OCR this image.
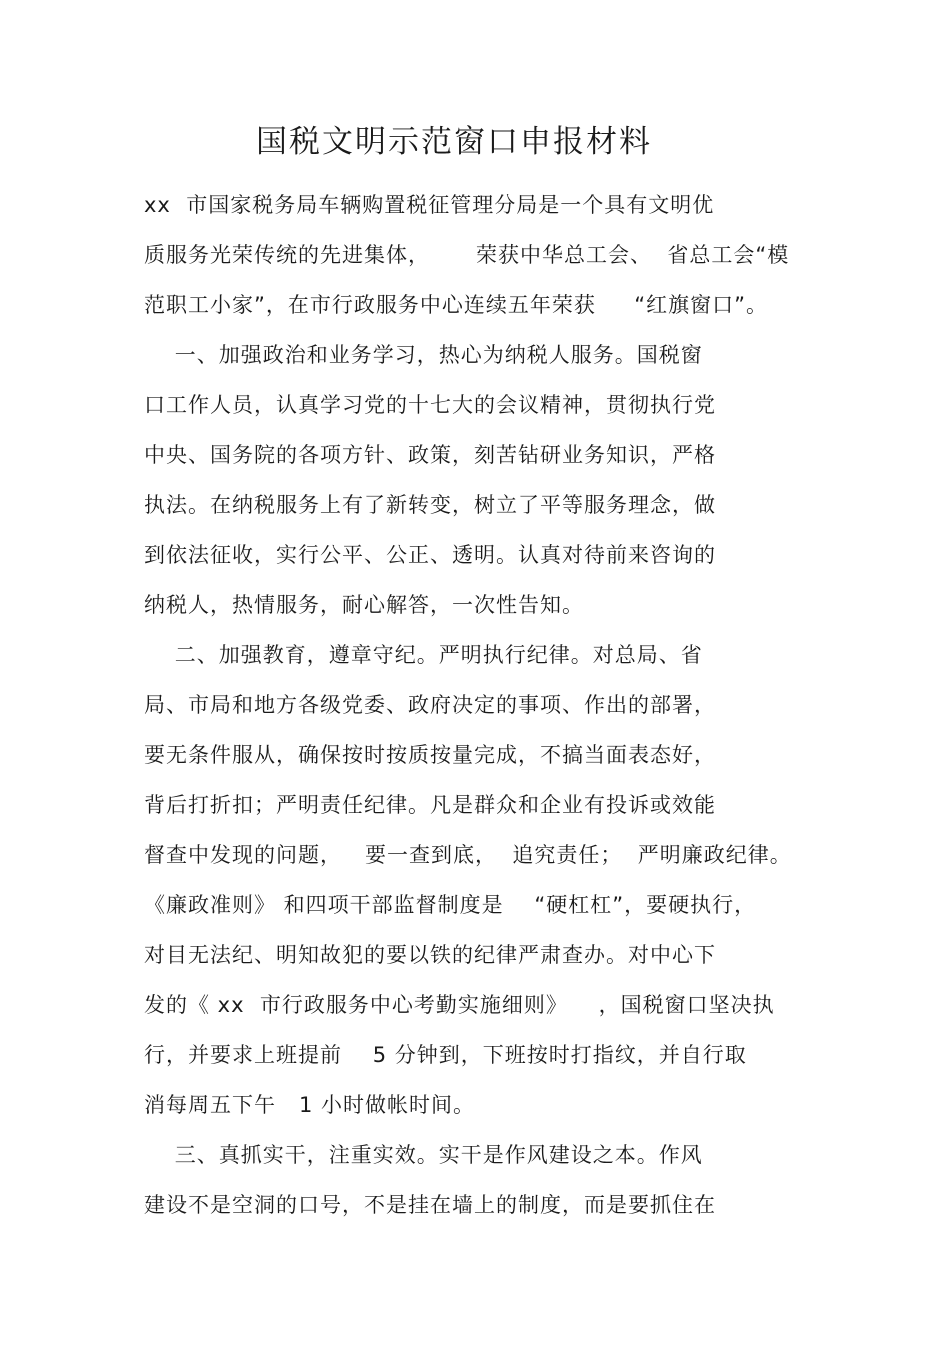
国税文明示范窗口申报材料
xx  市国家税务局车辆购置税征管理分局是一个具有文明优
质服务光荣传统的先进集体，      荣获中华总工会、  省总工会“模
范职工小家”，在市行政服务中心连续五年荣获     “红旗窗口”。
一、加强政治和业务学习，热心为纳税人服务。国税窗
口工作人员，认真学习党的十七大的会议精神，贯彻执行党
中央、国务院的各项方针、政策，刻苦钻研业务知识，严格
执法。在纳税服务上有了新转变，树立了平等服务理念，做
到依法征收，实行公平、公正、透明。认真对待前来咨询的
纳税人，热情服务，耐心解答，一次性告知。
二、加强教育，遵章守纪。严明执行纪律。对总局、省
局、市局和地方各级党委、政府决定的事项、作出的部署，
要无条件服从，确保按时按质按量完成，不搞当面表态好，
背后打折扣；严明责任纪律。凡是群众和企业有投诉或效能
督查中发现的问题，   要一查到底，  追究责任；  严明廉政纪律。
《廉政准则》 和四项干部监督制度是    “硬杠杠”，要硬执行，
对目无法纪、明知故犯的要以铁的纪律严肃查办。对中心下
发的《 xx  市行政服务中心考勤实施细则》    ，国税窗口坚决执
行，并要求上班提前    5 分钟到，下班按时打指纹，并自行取
消每周五下午   1 小时做帐时间。
三、真抓实干，注重实效。实干是作风建设之本。作风
建设不是空洞的口号，不是挂在墙上的制度，而是要抓住在
